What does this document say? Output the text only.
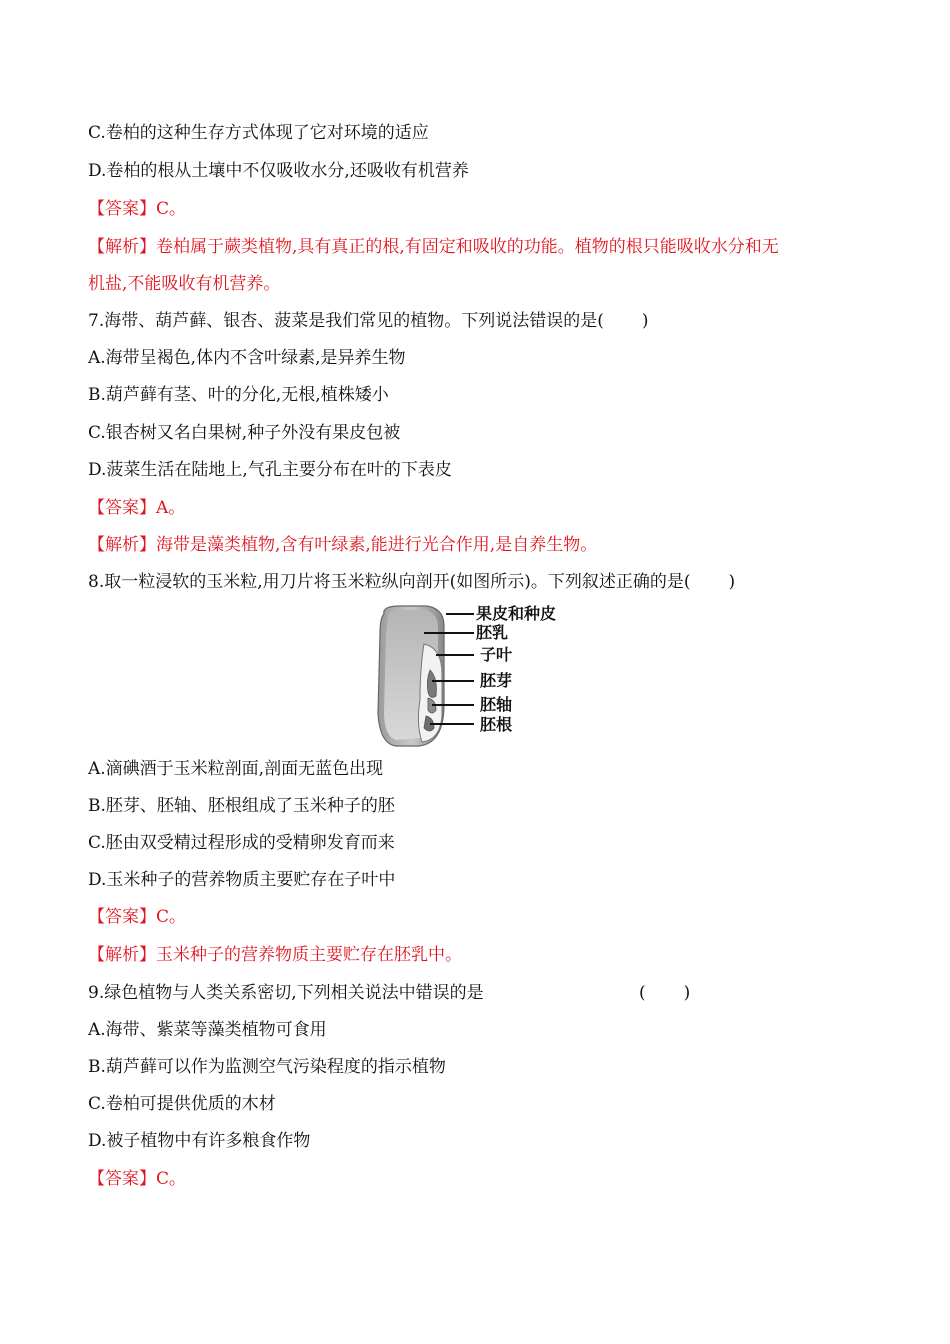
C.卷柏的这种生存方式体现了它对环境的适应
D.卷柏的根从土壤中不仅吸收水分,还吸收有机营养
【答案】C。
【解析】卷柏属于蕨类植物,具有真正的根,有固定和吸收的功能。植物的根只能吸收水分和无
机盐,不能吸收有机营养。
7.海带、葫芦藓、银杏、菠菜是我们常见的植物。下列说法错误的是( )
A.海带呈褐色,体内不含叶绿素,是异养生物
B.葫芦藓有茎、叶的分化,无根,植株矮小
C.银杏树又名白果树,种子外没有果皮包被
D.菠菜生活在陆地上,气孔主要分布在叶的下表皮
【答案】A。
【解析】海带是藻类植物,含有叶绿素,能进行光合作用,是自养生物。
8.取一粒浸软的玉米粒,用刀片将玉米粒纵向剖开(如图所示)。下列叙述正确的是( )
果皮和种皮
胚乳
子叶
胚芽
胚轴
胚根
A.滴碘酒于玉米粒剖面,剖面无蓝色出现
B.胚芽、胚轴、胚根组成了玉米种子的胚
C.胚由双受精过程形成的受精卵发育而来
D.玉米种子的营养物质主要贮存在子叶中
【答案】C。
【解析】玉米种子的营养物质主要贮存在胚乳中。
9.绿色植物与人类关系密切,下列相关说法中错误的是	( )
A.海带、紫菜等藻类植物可食用
B.葫芦藓可以作为监测空气污染程度的指示植物
C.卷柏可提供优质的木材
D.被子植物中有许多粮食作物
【答案】C。
